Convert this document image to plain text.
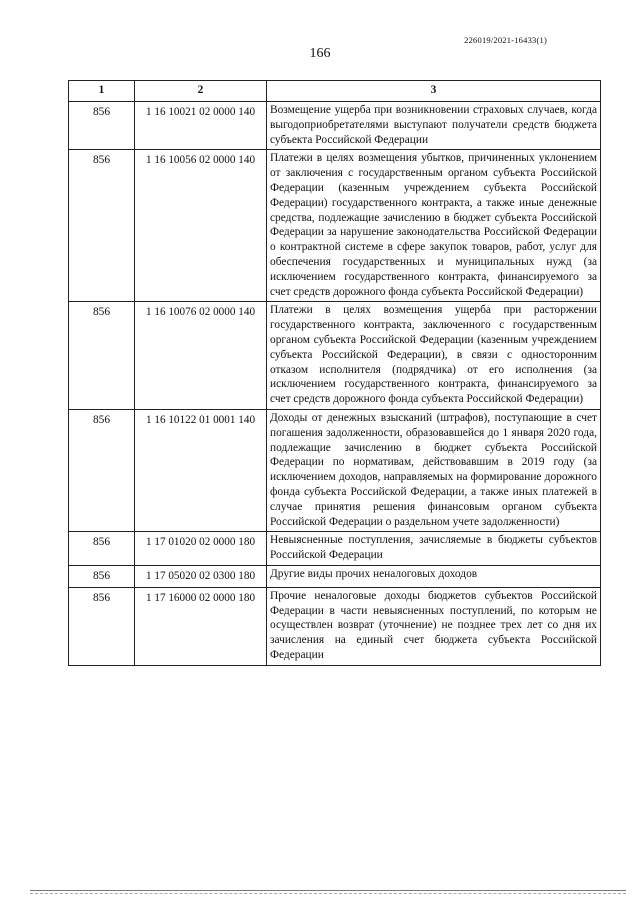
226019/2021-16433(1)
166
1	2	3
856	1 16 10021 02 0000 140	Возмещение ущерба при возникновении страховых случаев, когда выгодоприобретателями выступают получатели средств бюджета субъекта Российской Федерации
856	1 16 10056 02 0000 140	Платежи в целях возмещения убытков, причиненных уклонением от заключения с государственным органом субъекта Российской Федерации (казенным учреждением субъекта Российской Федерации) государственного контракта, а также иные денежные средства, подлежащие зачислению в бюджет субъекта Российской Федерации за нарушение законодательства Российской Федерации о контрактной системе в сфере закупок товаров, работ, услуг для обеспечения государственных и муниципальных нужд (за исключением государственного контракта, финансируемого за счет средств дорожного фонда субъекта Российской Федерации)
856	1 16 10076 02 0000 140	Платежи в целях возмещения ущерба при расторжении государственного контракта, заключенного с государственным органом субъекта Российской Федерации (казенным учреждением субъекта Российской Федерации), в связи с односторонним отказом исполнителя (подрядчика) от его исполнения (за исключением государственного контракта, финансируемого за счет средств дорожного фонда субъекта Российской Федерации)
856	1 16 10122 01 0001 140	Доходы от денежных взысканий (штрафов), поступающие в счет погашения задолженности, образовавшейся до 1 января 2020 года, подлежащие зачислению в бюджет субъекта Российской Федерации по нормативам, действовавшим в 2019 году (за исключением доходов, направляемых на формирование дорожного фонда субъекта Российской Федерации, а также иных платежей в случае принятия решения финансовым органом субъекта Российской Федерации о раздельном учете задолженности)
856	1 17 01020 02 0000 180	Невыясненные поступления, зачисляемые в бюджеты субъектов Российской Федерации
856	1 17 05020 02 0300 180	Другие виды прочих неналоговых доходов
856	1 17 16000 02 0000 180	Прочие неналоговые доходы бюджетов субъектов Российской Федерации в части невыясненных поступлений, по которым не осуществлен возврат (уточнение) не позднее трех лет со дня их зачисления на единый счет бюджета субъекта Российской Федерации
